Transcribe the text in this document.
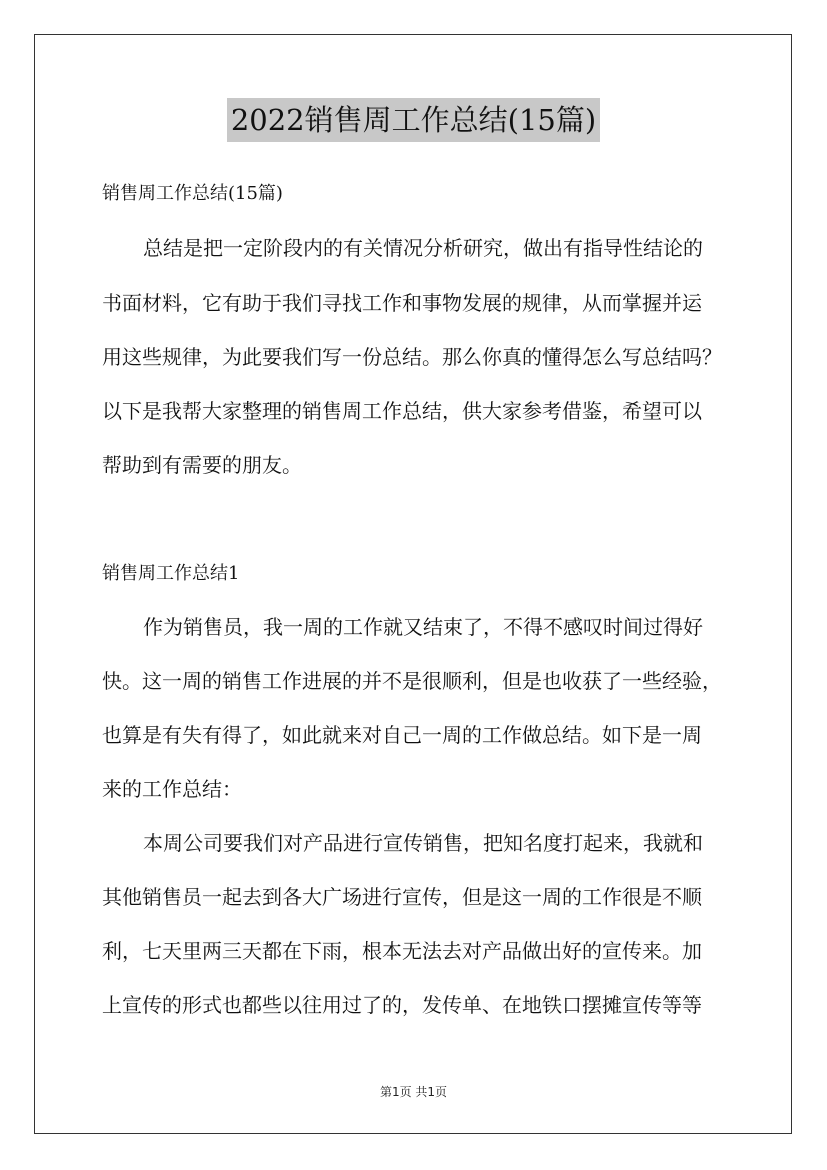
2022销售周工作总结(15篇)

销售周工作总结(15篇)

总结是把一定阶段内的有关情况分析研究，做出有指导性结论的

书面材料，它有助于我们寻找工作和事物发展的规律，从而掌握并运

用这些规律，为此要我们写一份总结。那么你真的懂得怎么写总结吗？

以下是我帮大家整理的销售周工作总结，供大家参考借鉴，希望可以

帮助到有需要的朋友。

销售周工作总结1

作为销售员，我一周的工作就又结束了，不得不感叹时间过得好

快。这一周的销售工作进展的并不是很顺利，但是也收获了一些经验，

也算是有失有得了，如此就来对自己一周的工作做总结。如下是一周

来的工作总结：

本周公司要我们对产品进行宣传销售，把知名度打起来，我就和

其他销售员一起去到各大广场进行宣传，但是这一周的工作很是不顺

利，七天里两三天都在下雨，根本无法去对产品做出好的宣传来。加

上宣传的形式也都些以往用过了的，发传单、在地铁口摆摊宣传等等

第1页 共1页
